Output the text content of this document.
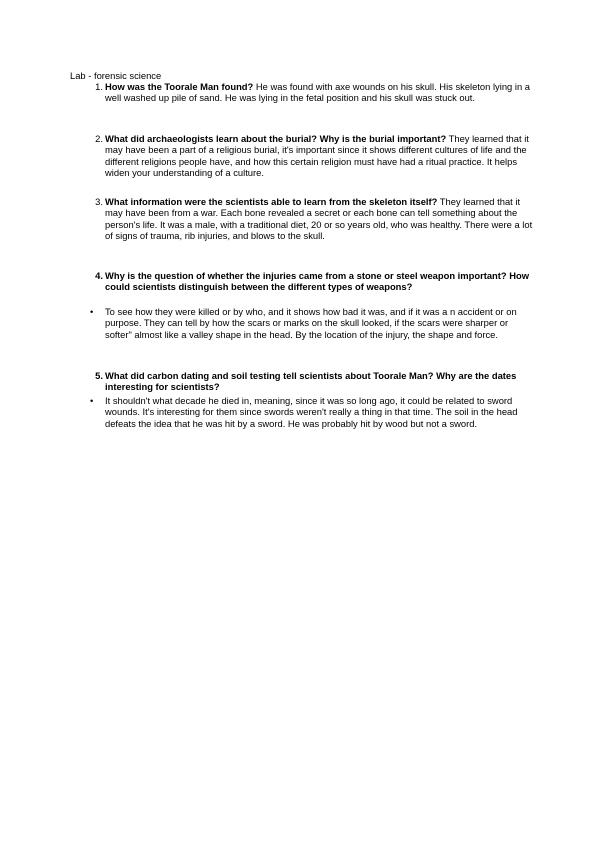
Lab - forensic science
1. How was the Toorale Man found? He was found with axe wounds on his skull. His skeleton lying in a well washed up pile of sand. He was lying in the fetal position and his skull was stuck out.
2. What did archaeologists learn about the burial? Why is the burial important? They learned that it may have been a part of a religious burial, it's important since it shows different cultures of life and the different religions people have, and how this certain religion must have had a ritual practice. It helps widen your understanding of a culture.
3. What information were the scientists able to learn from the skeleton itself? They learned that it may have been from a war. Each bone revealed a secret or each bone can tell something about the person's life. It was a male, with a traditional diet, 20 or so years old, who was healthy. There were a lot of signs of trauma, rib injuries, and blows to the skull.
4. Why is the question of whether the injuries came from a stone or steel weapon important? How could scientists distinguish between the different types of weapons?
•	To see how they were killed or by who, and it shows how bad it was, and if it was a n accident or on purpose. They can tell by how the scars or marks on the skull looked, if the scars were sharper or softer" almost like a valley shape in the head. By the location of the injury, the shape and force.
5. What did carbon dating and soil testing tell scientists about Toorale Man? Why are the dates interesting for scientists?
•	It shouldn't what decade he died in, meaning, since it was so long ago, it could be related to sword wounds. It's interesting for them since swords weren't really a thing in that time. The soil in the head defeats the idea that he was hit by a sword. He was probably hit by wood but not a sword.
